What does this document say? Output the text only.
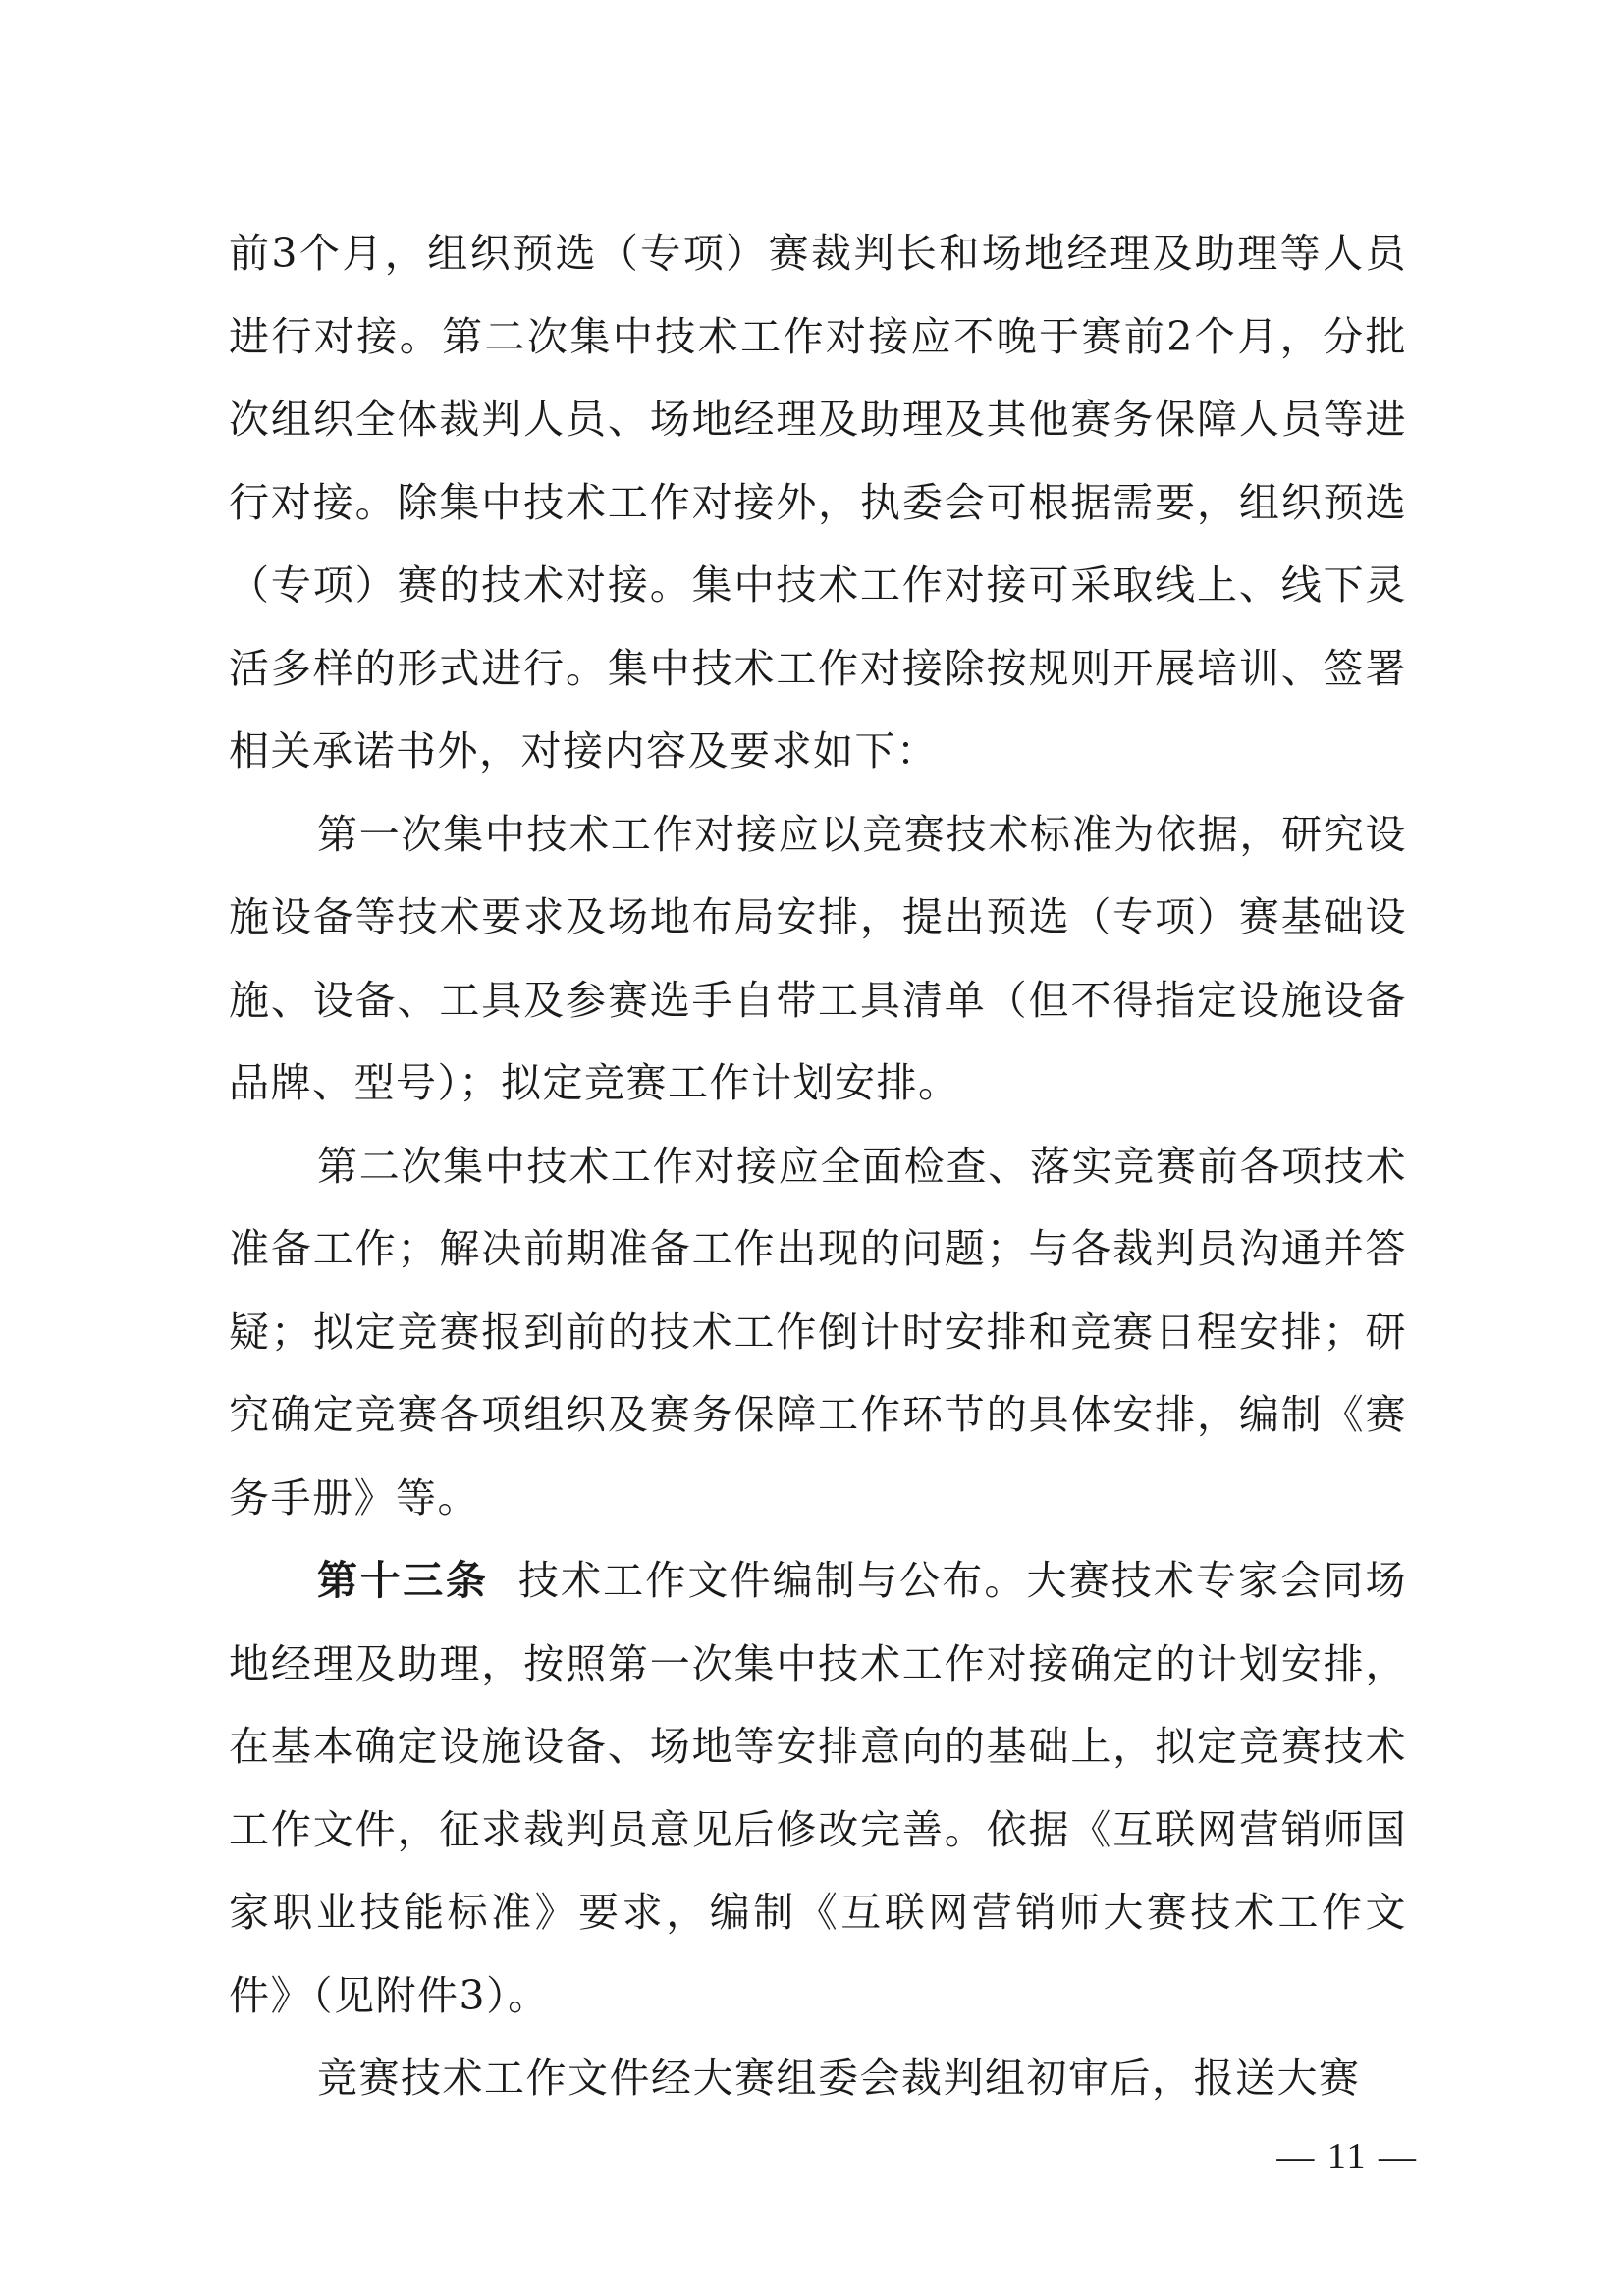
前3个月，组织预选（专项）赛裁判长和场地经理及助理等人员进行对接。第二次集中技术工作对接应不晚于赛前2个月，分批次组织全体裁判人员、场地经理及助理及其他赛务保障人员等进行对接。除集中技术工作对接外，执委会可根据需要，组织预选（专项）赛的技术对接。集中技术工作对接可采取线上、线下灵活多样的形式进行。集中技术工作对接除按规则开展培训、签署相关承诺书外，对接内容及要求如下：

第一次集中技术工作对接应以竞赛技术标准为依据，研究设施设备等技术要求及场地布局安排，提出预选（专项）赛基础设施、设备、工具及参赛选手自带工具清单（但不得指定设施设备品牌、型号）；拟定竞赛工作计划安排。

第二次集中技术工作对接应全面检查、落实竞赛前各项技术准备工作；解决前期准备工作出现的问题；与各裁判员沟通并答疑；拟定竞赛报到前的技术工作倒计时安排和竞赛日程安排；研究确定竞赛各项组织及赛务保障工作环节的具体安排，编制《赛务手册》等。

第十三条 技术工作文件编制与公布。大赛技术专家会同场地经理及助理，按照第一次集中技术工作对接确定的计划安排，在基本确定设施设备、场地等安排意向的基础上，拟定竞赛技术工作文件，征求裁判员意见后修改完善。依据《互联网营销师国家职业技能标准》要求，编制《互联网营销师大赛技术工作文件》（见附件3）。

竞赛技术工作文件经大赛组委会裁判组初审后，报送大赛

— 11 —
